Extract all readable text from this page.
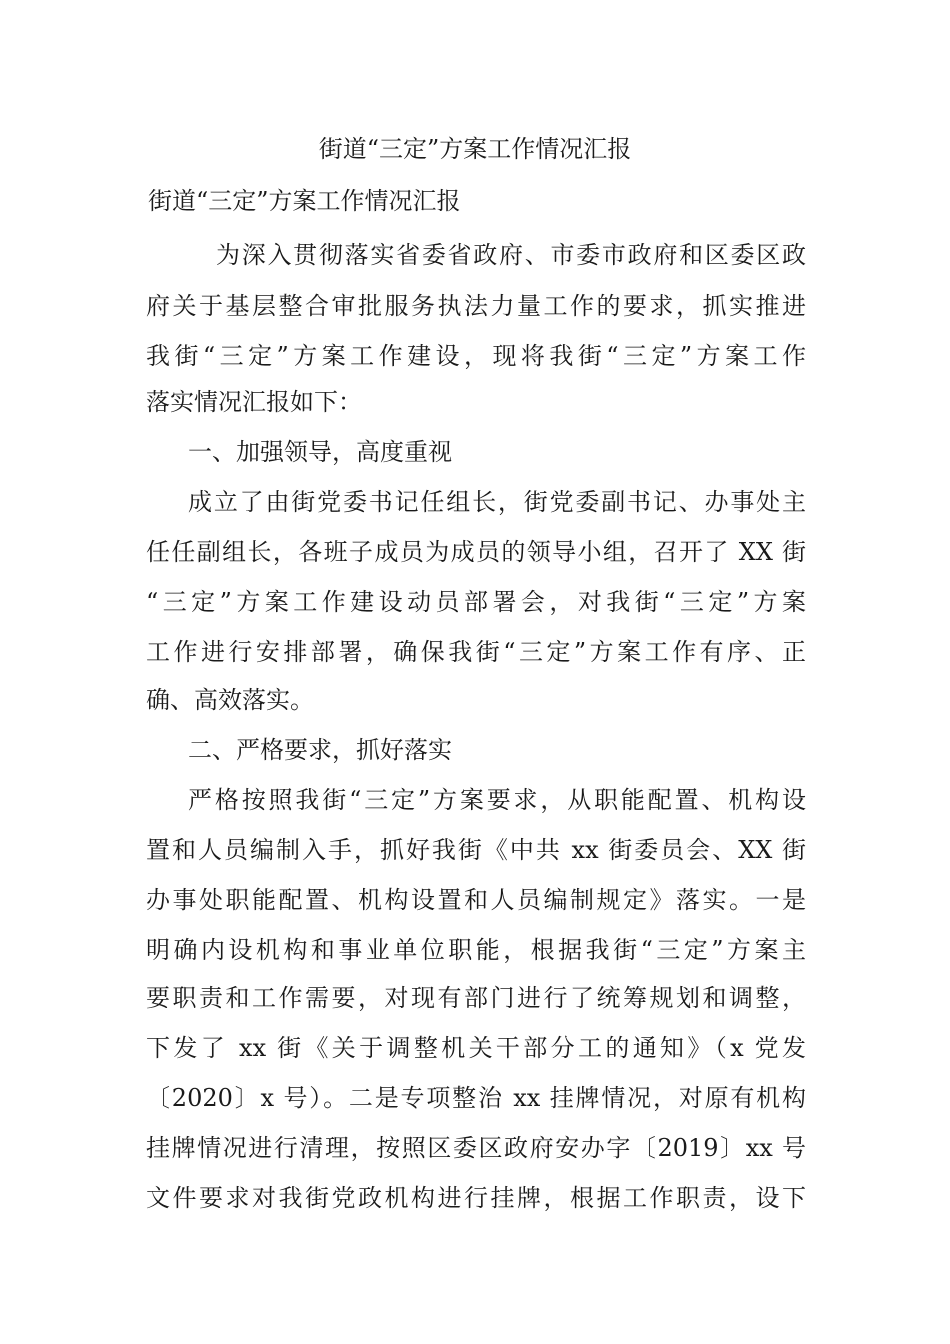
街道“三定”方案工作情况汇报
街道“三定”方案工作情况汇报
为深入贯彻落实省委省政府、市委市政府和区委区政
府关于基层整合审批服务执法力量工作的要求，抓实推进
我街“三定”方案工作建设，现将我街“三定”方案工作
落实情况汇报如下：
一、加强领导，高度重视
成立了由街党委书记任组长，街党委副书记、办事处主
任任副组长，各班子成员为成员的领导小组，召开了 XX 街
“三定”方案工作建设动员部署会，对我街“三定”方案
工作进行安排部署，确保我街“三定”方案工作有序、正
确、高效落实。
二、严格要求，抓好落实
严格按照我街“三定”方案要求，从职能配置、机构设
置和人员编制入手，抓好我街《中共 xx 街委员会、XX 街
办事处职能配置、机构设置和人员编制规定》落实。一是
明确内设机构和事业单位职能，根据我街“三定”方案主
要职责和工作需要，对现有部门进行了统筹规划和调整，
下发了 xx 街《关于调整机关干部分工的通知》（x 党发
〔2020〕x 号）。二是专项整治 xx 挂牌情况，对原有机构
挂牌情况进行清理，按照区委区政府安办字〔2019〕xx 号
文件要求对我街党政机构进行挂牌，根据工作职责，设下
